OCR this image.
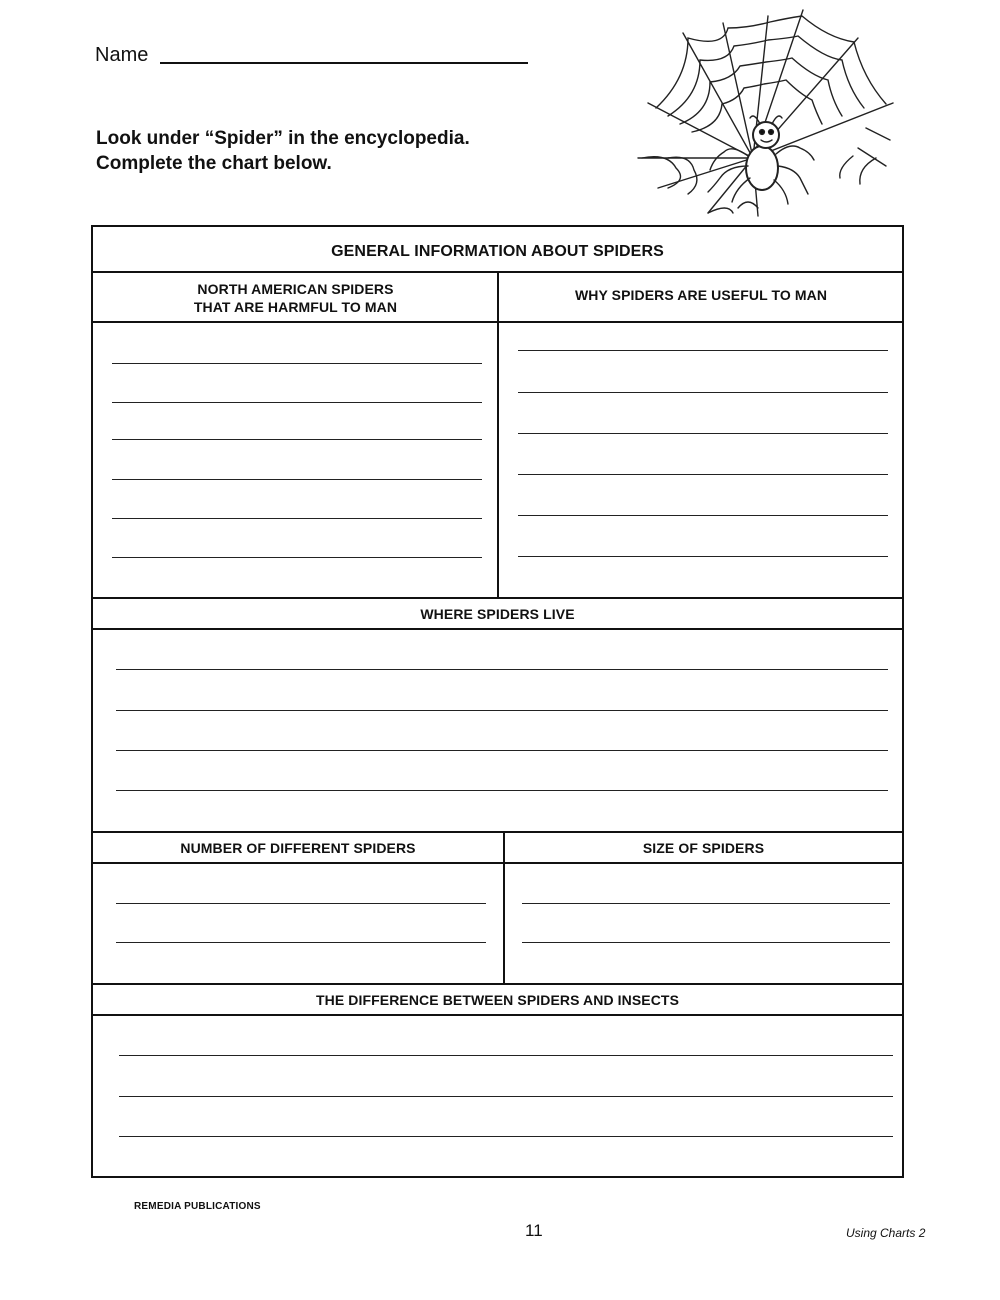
Name
Look under “Spider” in the encyclopedia.
Complete the chart below.
GENERAL INFORMATION ABOUT SPIDERS
NORTH AMERICAN SPIDERS
THAT ARE HARMFUL TO MAN
WHY SPIDERS ARE USEFUL TO MAN
WHERE SPIDERS LIVE
NUMBER OF DIFFERENT SPIDERS	SIZE OF SPIDERS
THE DIFFERENCE BETWEEN SPIDERS AND INSECTS
REMEDIA PUBLICATIONS
11	Using Charts 2
